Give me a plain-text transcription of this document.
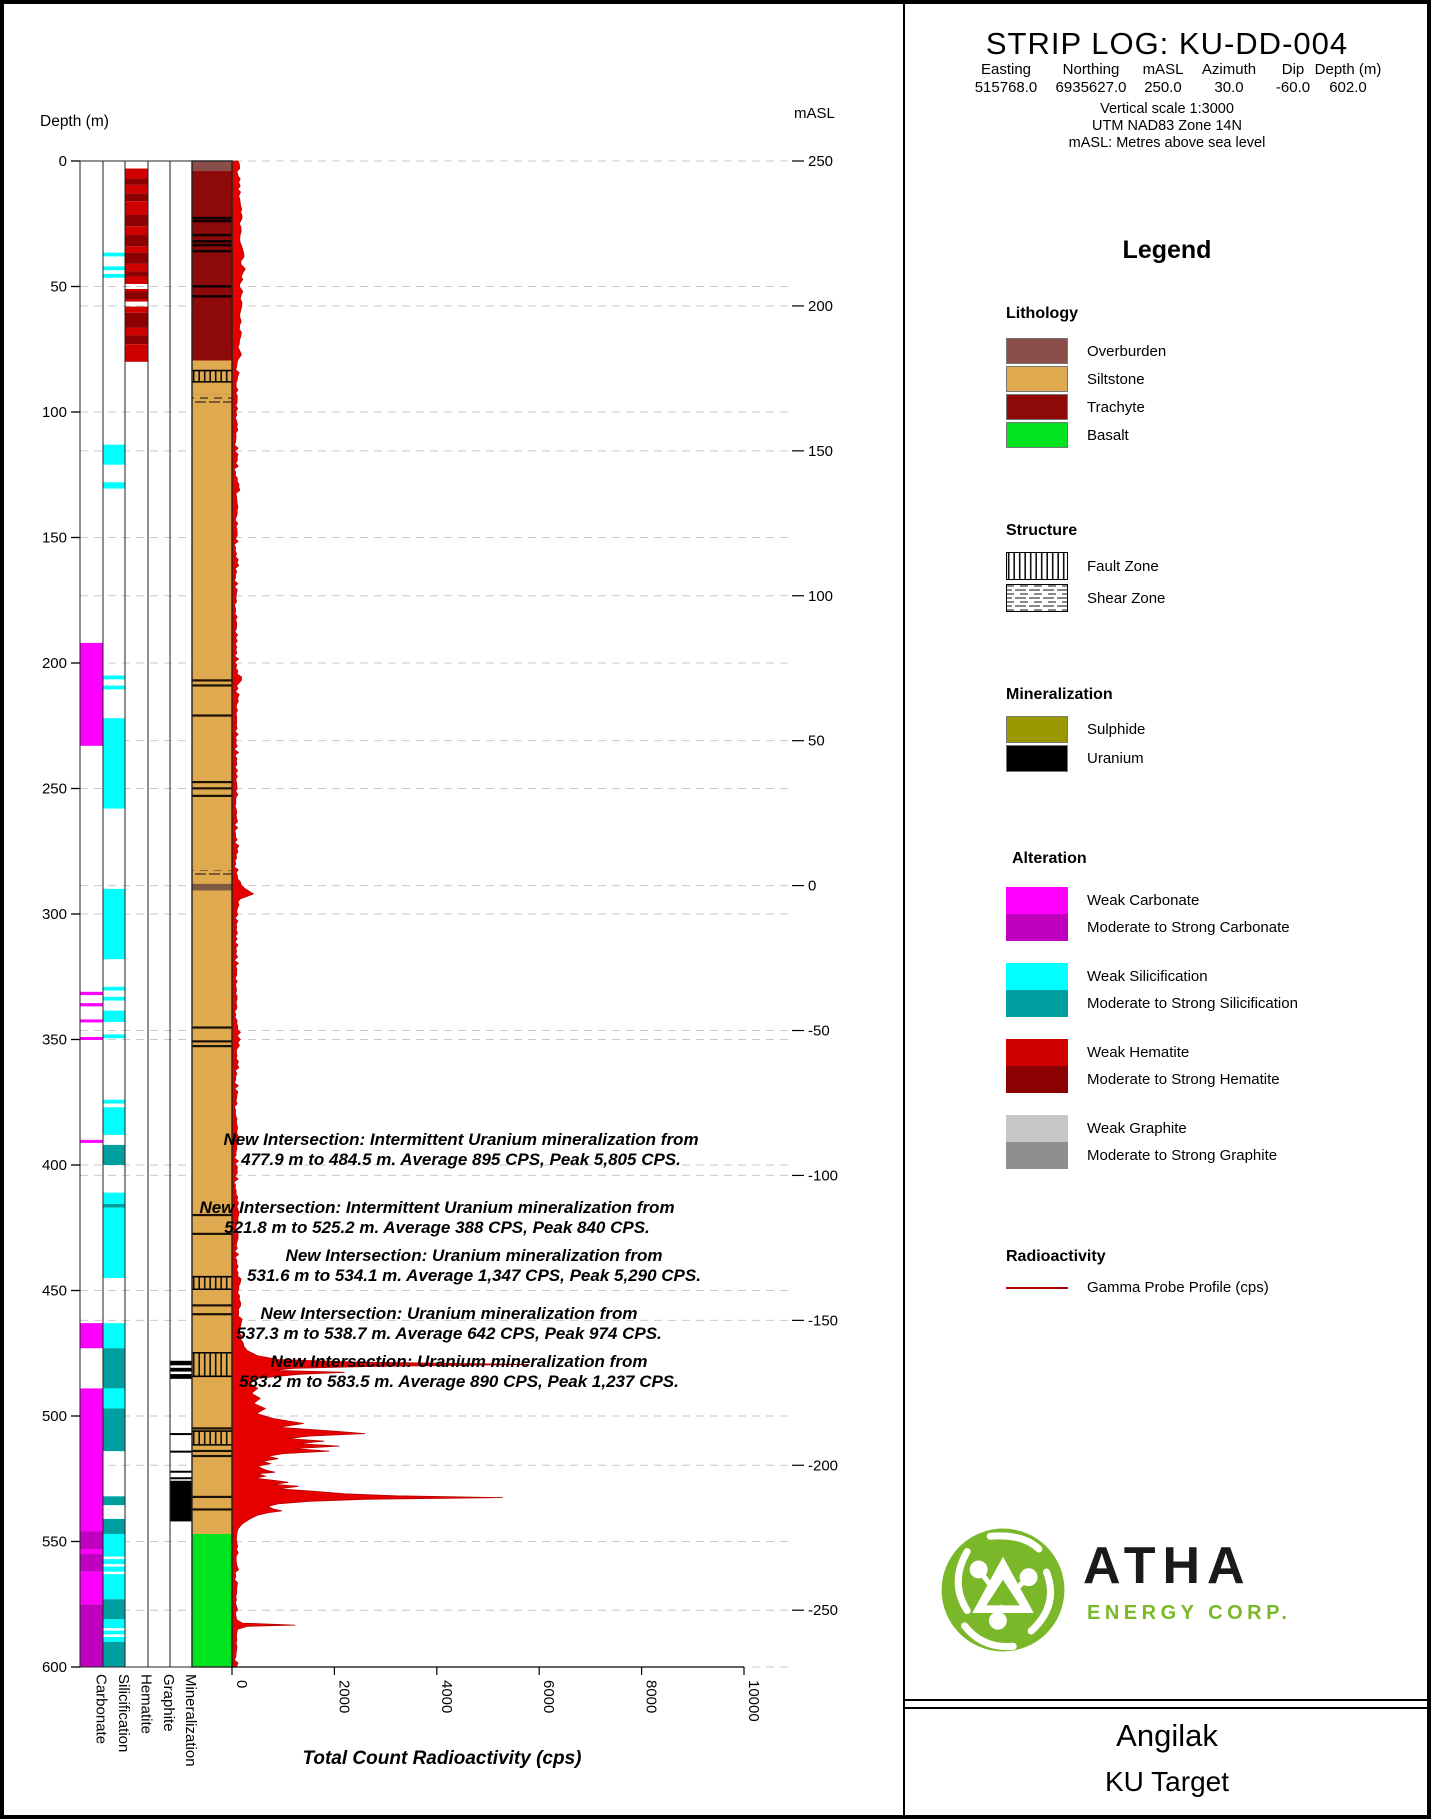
Depth (m)
0
50
100
150
200
250
300
350
400
450
500
550
600
mASL
250
200
150
100
50
0
-50
-100
-150
-200
-250
0	2000	4000	6000	8000	10000
Carbonate Silicification Hematite Graphite Mineralization	Total Count Radioactivity (cps)
New Intersection: Intermittent Uranium mineralization from
477.9 m to 484.5 m. Average 895 CPS, Peak 5,805 CPS.
New Intersection: Intermittent Uranium mineralization from
521.8 m to 525.2 m. Average 388 CPS, Peak 840 CPS.
New Intersection: Uranium mineralization from
531.6 m to 534.1 m. Average 1,347 CPS, Peak 5,290 CPS.
New Intersection: Uranium mineralization from
537.3 m to 538.7 m. Average 642 CPS, Peak 974 CPS.
New Intersection: Uranium mineralization from
583.2 m to 583.5 m. Average 890 CPS, Peak 1,237 CPS.
STRIP LOG: KU-DD-004
Easting
515768.0
Northing
6935627.0
mASL
250.0
Azimuth
30.0
Dip
-60.0
Depth (m)
602.0
Vertical scale 1:3000
UTM NAD83 Zone 14N
mASL: Metres above sea level
Legend
Lithology
Overburden
Siltstone
Trachyte
Basalt
Structure
Fault Zone
Shear Zone
Mineralization
Sulphide
Uranium
Alteration
Weak Carbonate
Moderate to Strong Carbonate
Weak Silicification
Moderate to Strong Silicification
Weak Hematite
Moderate to Strong Hematite
Weak Graphite
Moderate to Strong Graphite
Radioactivity
Gamma Probe Profile (cps)
ATHA
ENERGY CORP.
Angilak
KU Target
